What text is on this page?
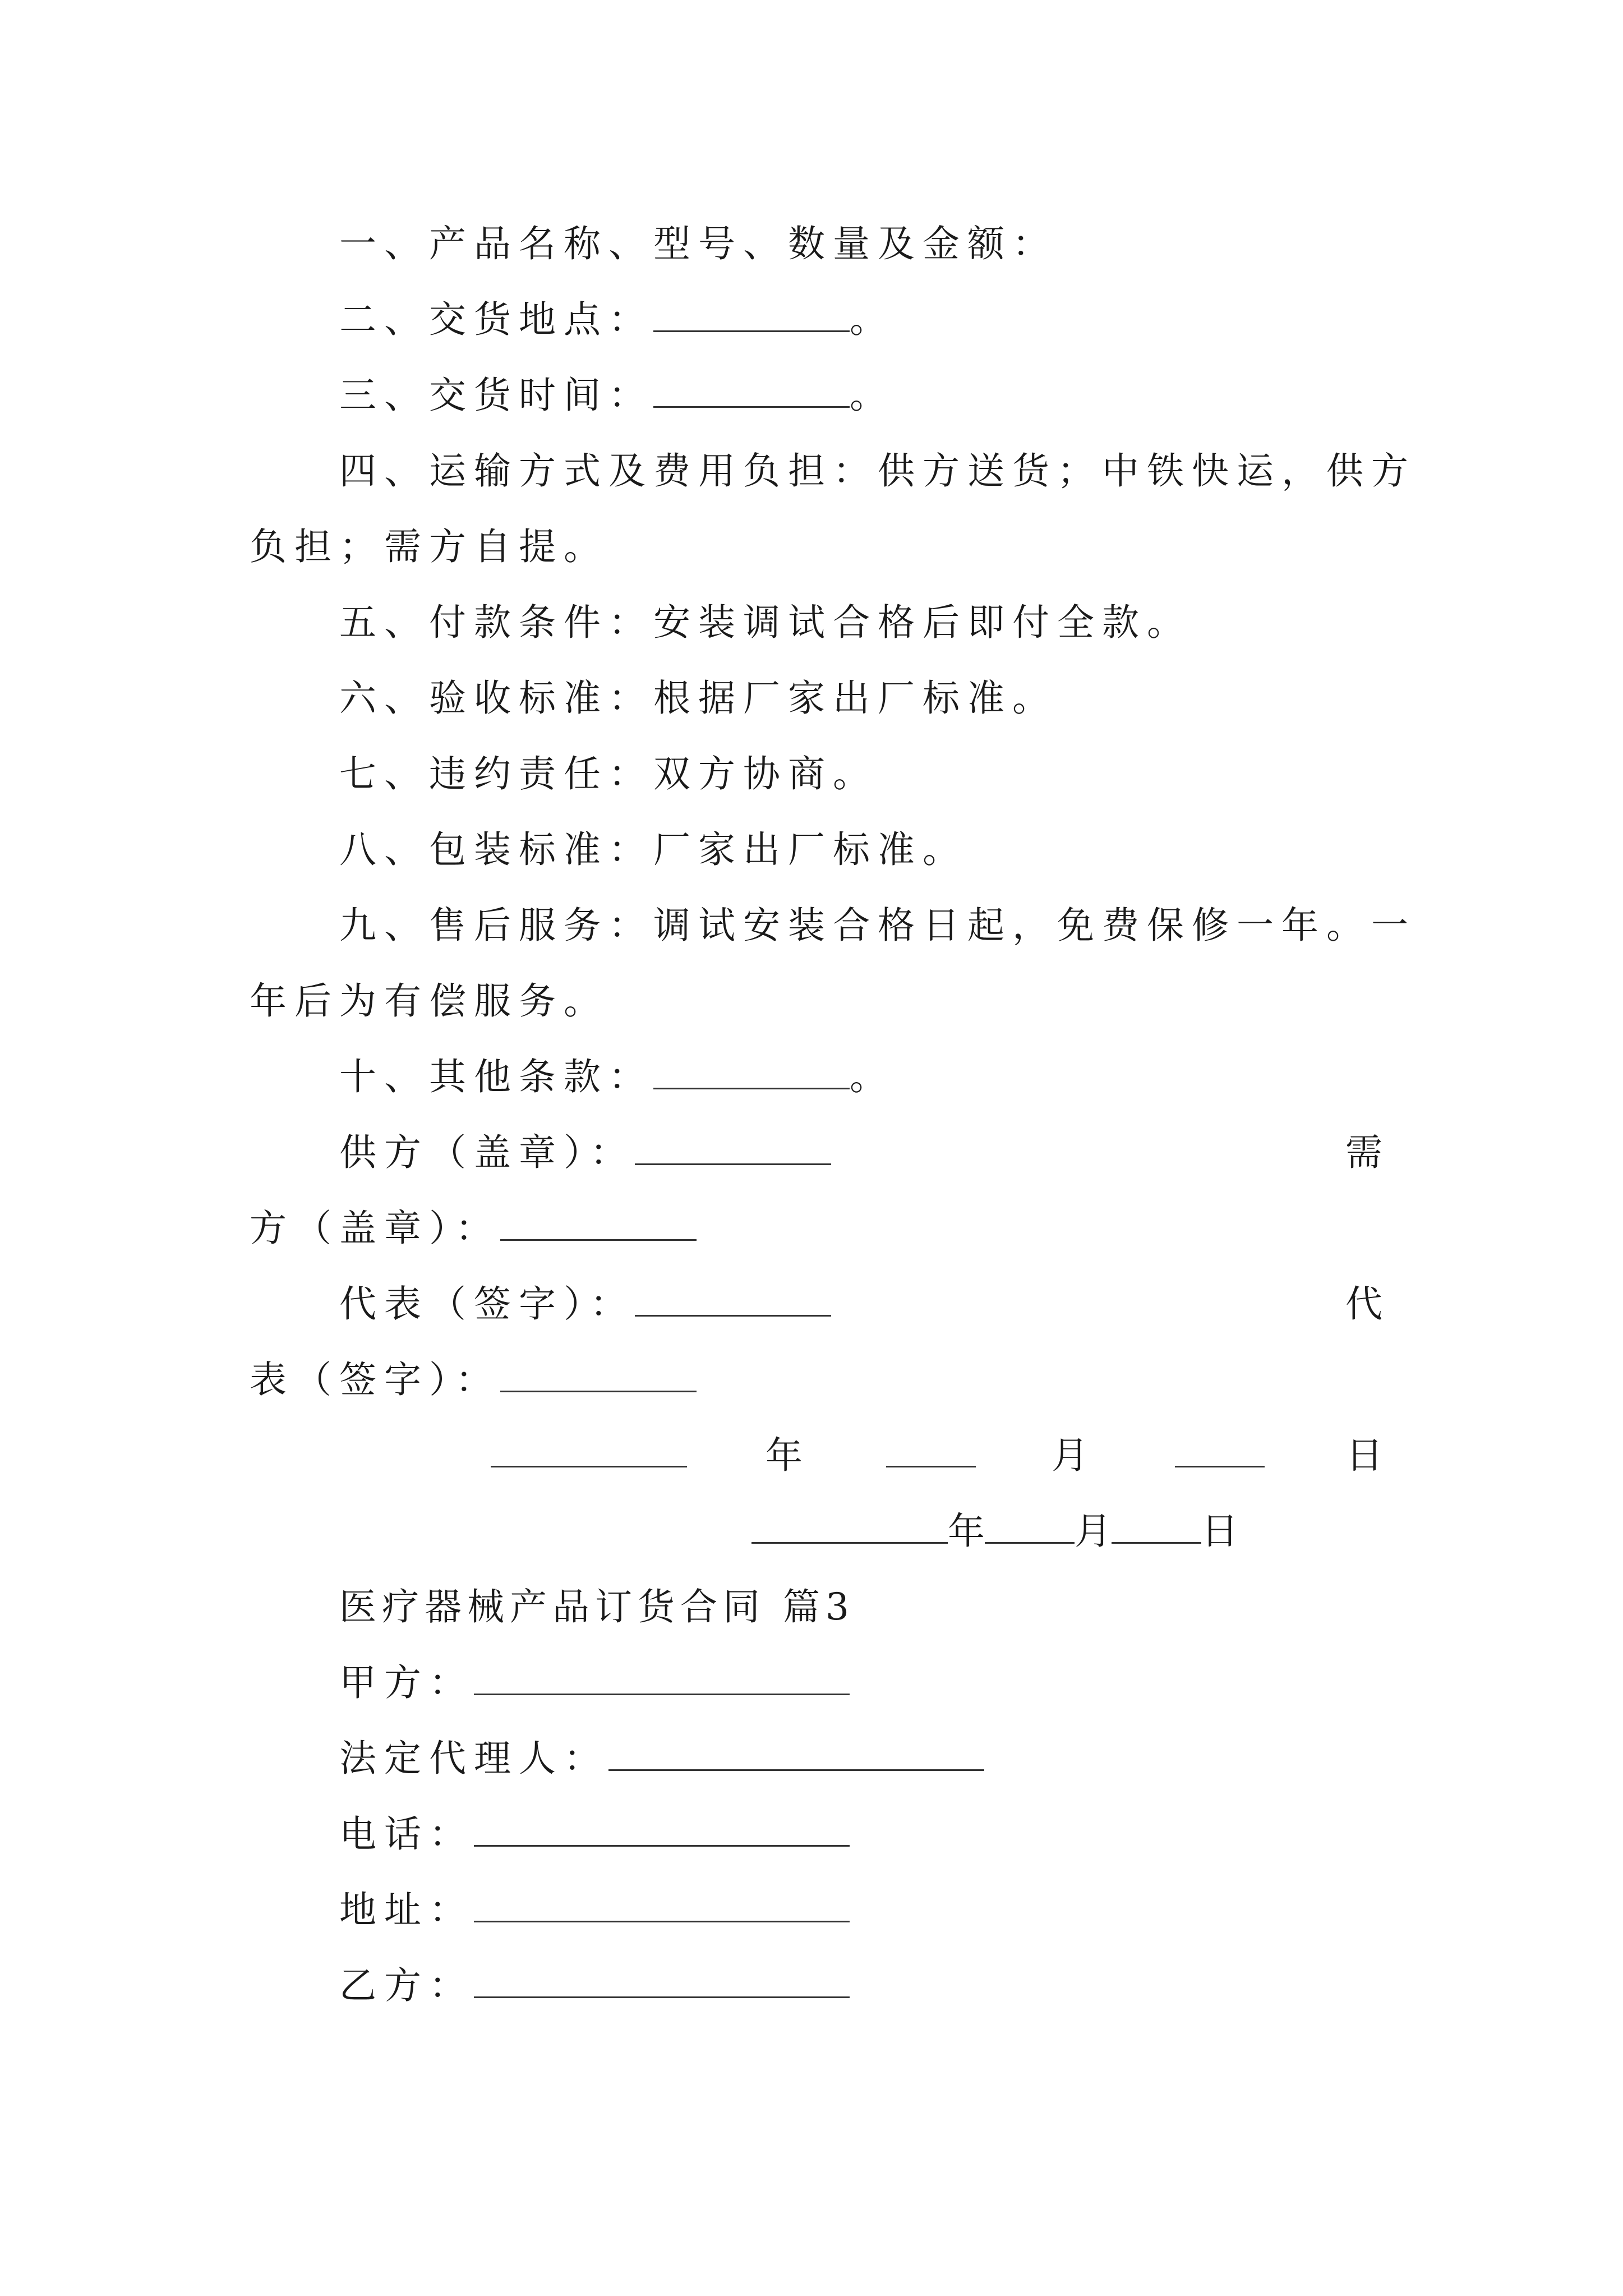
一、产品名称、型号、数量及金额：
二、交货地点：	。
三、交货时间：	。
四、运输方式及费用负担：供方送货；中铁快运，供方
负担；需方自提。
五、付款条件：安装调试合格后即付全款。
六、验收标准：根据厂家出厂标准。
七、违约责任：双方协商。
八、包装标准：厂家出厂标准。
九、售后服务：调试安装合格日起，免费保修一年。一
年后为有偿服务。
十、其他条款：	。
供方（盖章）：	需
方（盖章）：
代表（签字）：	代
表（签字）：
年	月	日
年 月 日
医疗器械产品订货合同 篇3
甲方：
法定代理人：
电话：
地址：
乙方：
